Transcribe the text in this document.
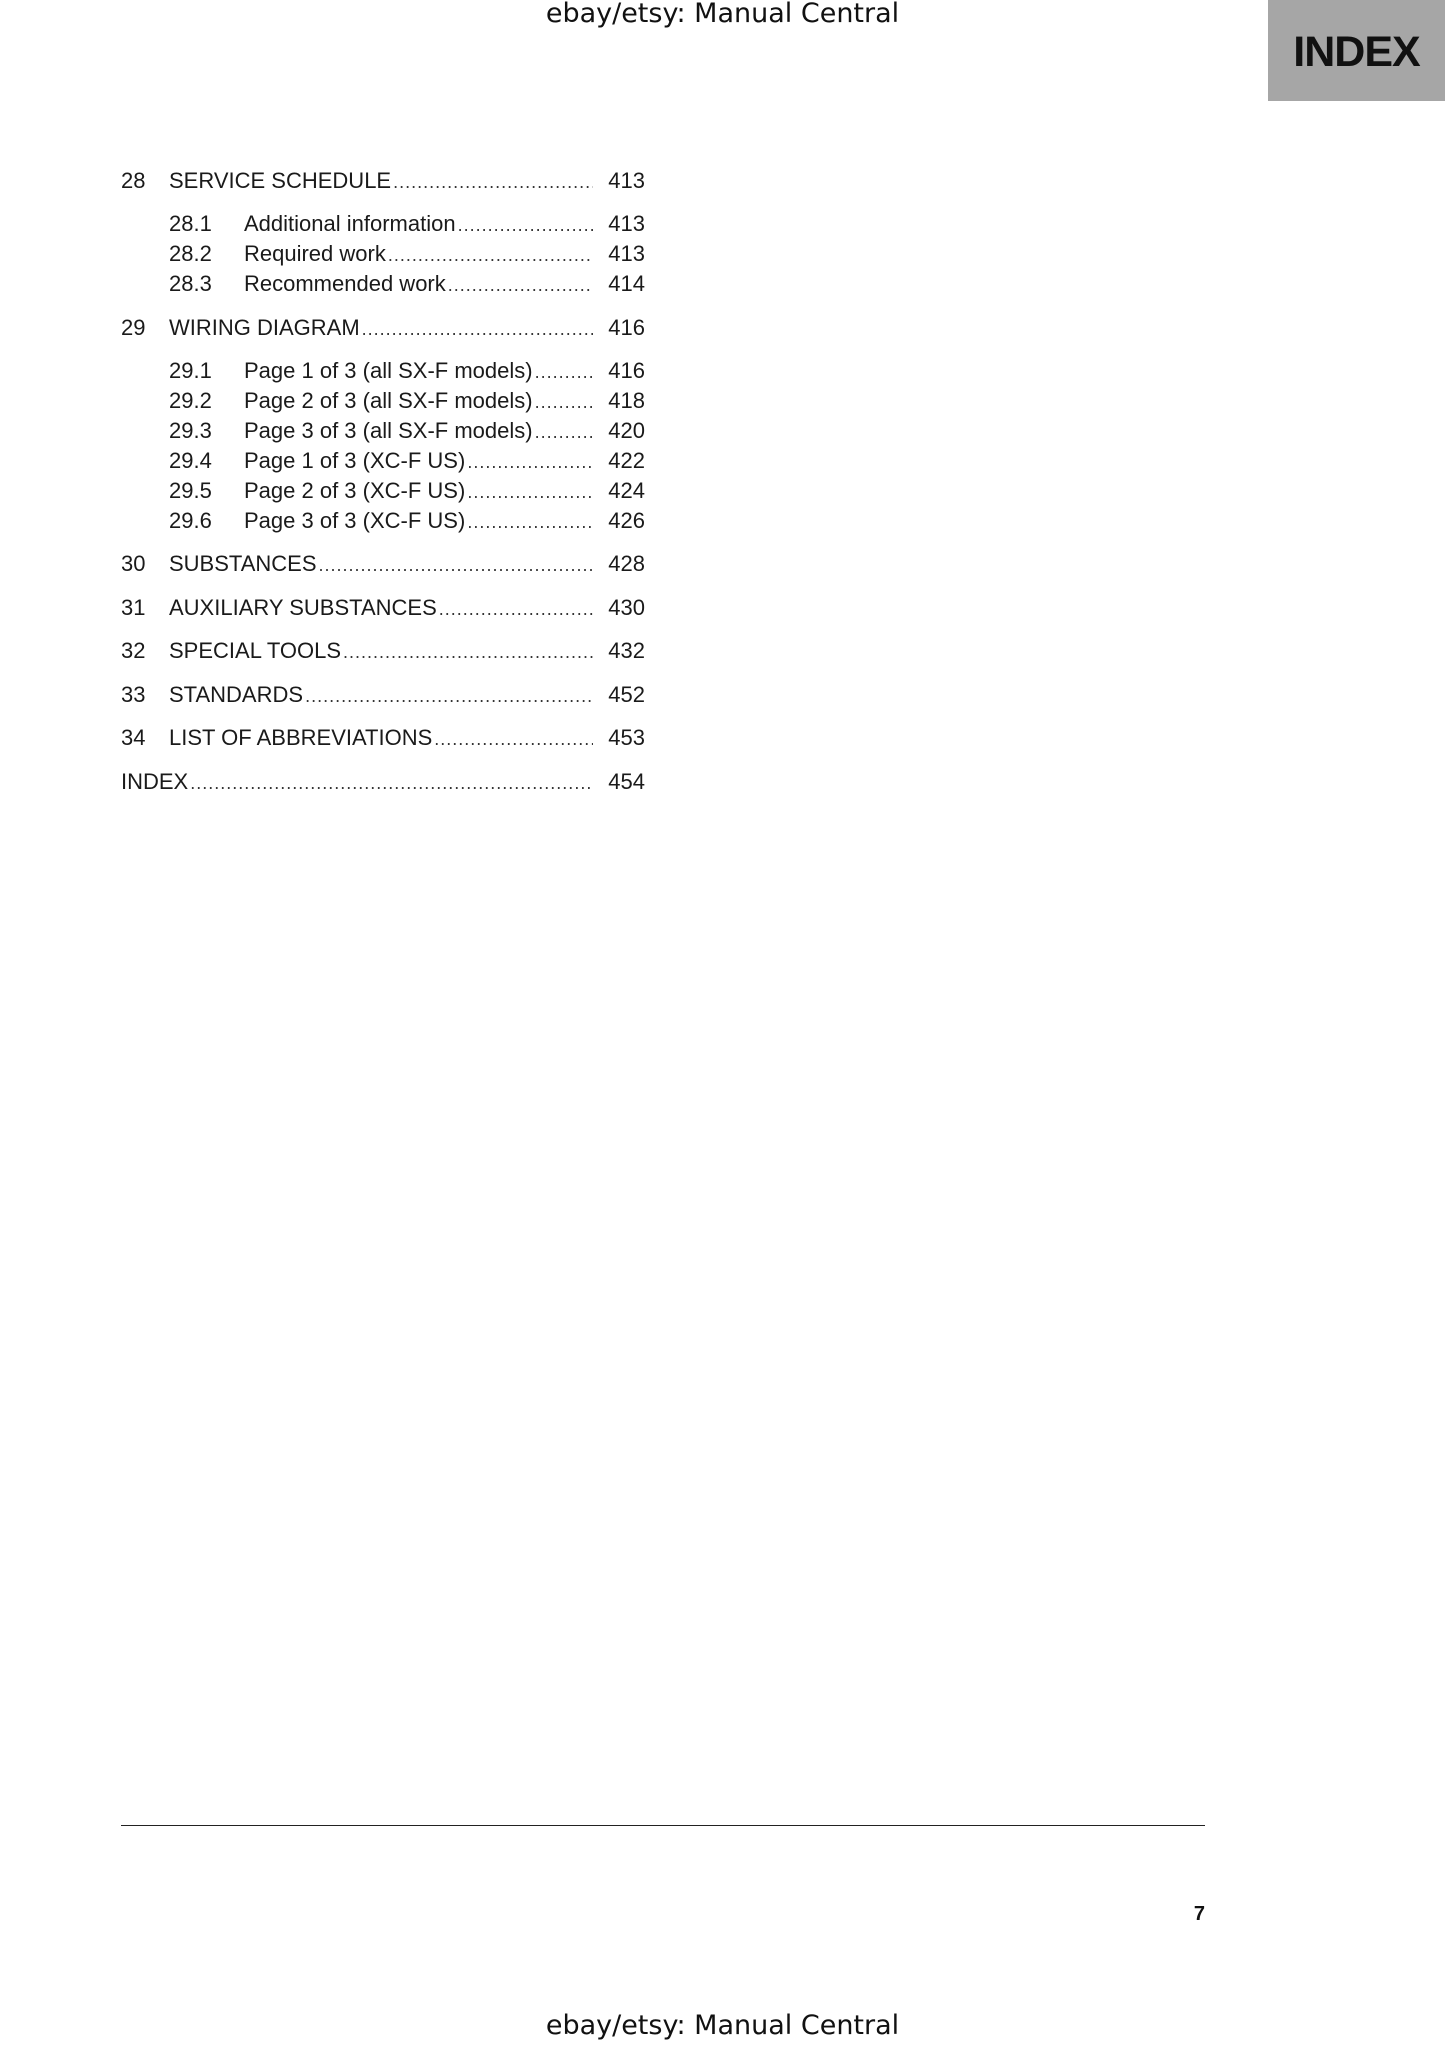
ebay/etsy: Manual Central
INDEX
28	SERVICE SCHEDULE .....	413
28.1	Additional information .....	413
28.2	Required work .....	413
28.3	Recommended work .....	414
29	WIRING DIAGRAM .....	416
29.1	Page 1 of 3 (all SX-F models) .....	416
29.2	Page 2 of 3 (all SX-F models) .....	418
29.3	Page 3 of 3 (all SX-F models) .....	420
29.4	Page 1 of 3 (XC-F US) .....	422
29.5	Page 2 of 3 (XC-F US) .....	424
29.6	Page 3 of 3 (XC-F US) .....	426
30	SUBSTANCES .....	428
31	AUXILIARY SUBSTANCES .....	430
32	SPECIAL TOOLS .....	432
33	STANDARDS .....	452
34	LIST OF ABBREVIATIONS .....	453
INDEX .....	454
7
ebay/etsy: Manual Central
